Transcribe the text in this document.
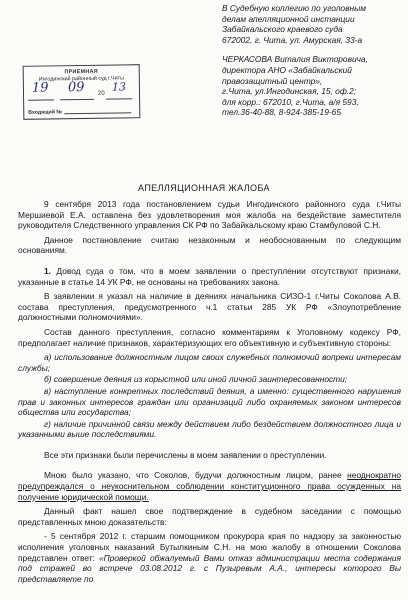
В Судебную коллегию по уголовным
делам апелляционной инстанции
Забайкальского краевого суда
672002, г. Чита, ул. Амурская, 33-а
ЧЕРКАСОВА Виталия Викторовича,
директора АНО «Забайкальский
правозащитный центр»,
г.Чита, ул.Ингодинская, 15, оф.2;
для корр.: 672010, г.Чита, а/я 593,
тел.36-40-88, 8-924-385-19-65
ПРИЕМНАЯ
Ингодинский районный суд г.Читы
19 09 20
13
Входящий №
АПЕЛЛЯЦИОННАЯ ЖАЛОБА

9 сентября 2013 года постановлением судьи Ингодинского районного суда г.Читы Мершиевой Е.А. оставлена без удовлетворения моя жалоба на бездействие заместителя руководителя Следственного управления СК РФ по Забайкальскому краю Стамбуловой С.Н.

Данное постановление считаю незаконным и необоснованным по следующим основаниям.

1. Довод суда о том, что в моем заявлении о преступлении отсутствуют признаки, указанные в статье 14 УК РФ, не основаны на требованиях закона.

В заявлении я указал на наличие в деяниях начальника СИЗО-1 г.Читы Соколова А.В. состава преступления, предусмотренного ч.1 статьи 285 УК РФ «Злоупотребление должностными полномочиями».

Состав данного преступления, согласно комментариям к Уголовному кодексу РФ, предполагает наличие признаков, характеризующих его объективную и субъективную стороны:

а) использование должностным лицом своих служебных полномочий вопреки интересам службы;

б) совершение деяния из корыстной или иной личной заинтересованности;

в) наступление конкретных последствий деяния, а именно: существенного нарушения прав и законных интересов граждан или организаций либо охраняемых законом интересов общества или государства;

г) наличие причинной связи между действием либо бездействием должностного лица и указанными выше последствиями.

Все эти признаки были перечислены в моем заявлении о преступлении.

Мною было указано, что Соколов, будучи должностным лицом, ранее неоднократно предупреждался о неукоснительном соблюдении конституционного права осужденных на получение юридической помощи.

Данный факт нашел свое подтверждение в судебном заседании с помощью представленных мною доказательств:

- 5 сентября 2012 г. старшим помощником прокурора края по надзору за законностью исполнения уголовных наказаний Бутылкиным С.Н. на мою жалобу в отношении Соколова представлен ответ: «Проверкой обжалуемый Вами отказ администрации места содержания под стражей во встрече 03.08.2012 г. с Пузыревым А.А., интересы которого Вы представляете по
